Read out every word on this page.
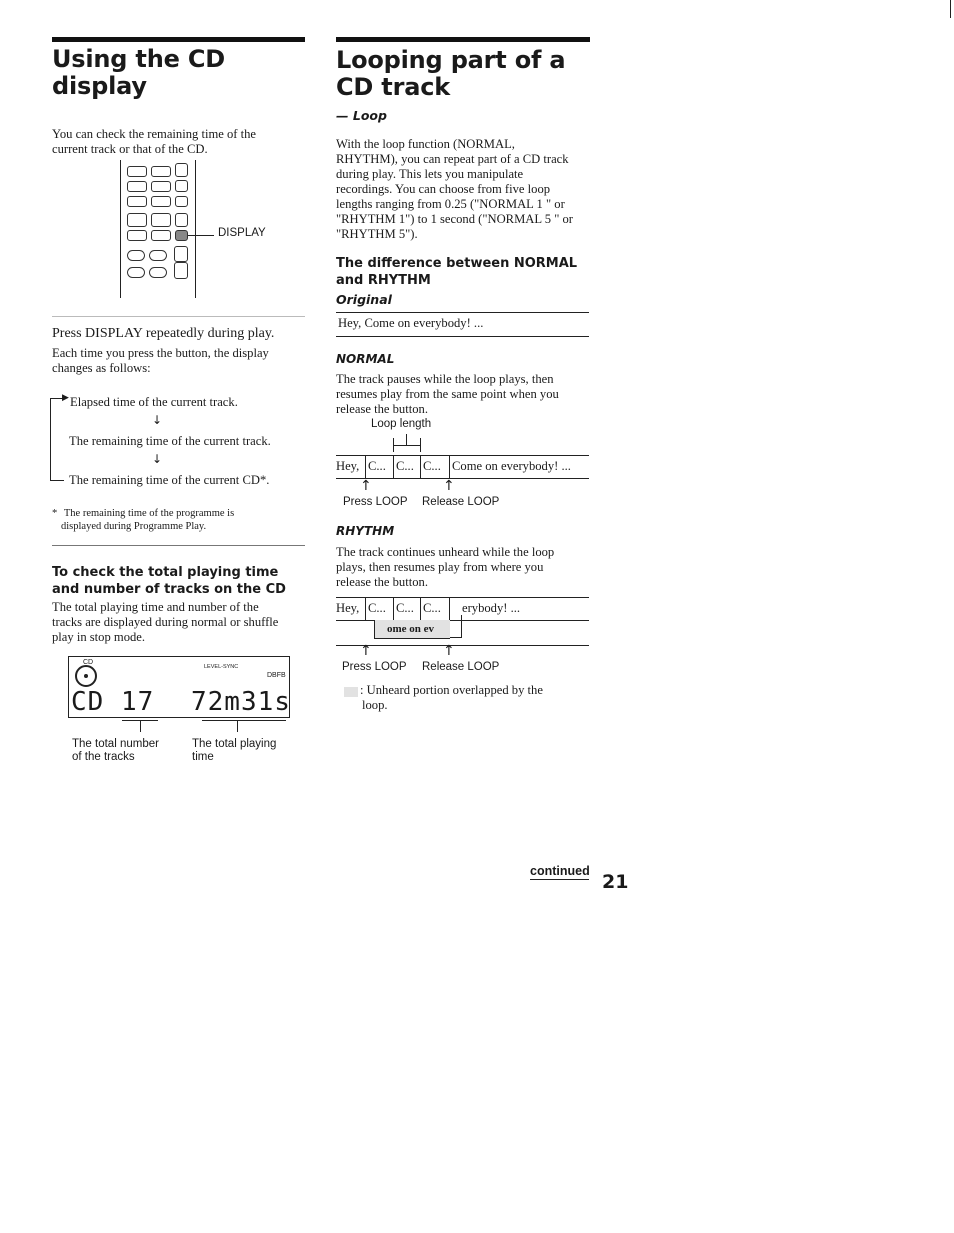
Using the CD
display
You can check the remaining time of the
current track or that of the CD.
DISPLAY
Press DISPLAY repeatedly during play.
Each time you press the button, the display
changes as follows:
▶ Elapsed time of the current track.
↓
The remaining time of the current track.
↓
The remaining time of the current CD*.
* The remaining time of the programme is
displayed during Programme Play.
To check the total playing time
and number of tracks on the CD
The total playing time and number of the
tracks are displayed during normal or shuffle
play in stop mode.
CD
LEVEL-SYNC
DBFB
CD 17 72m31s
The total number
of the tracks
The total playing
time
Looping part of a
CD track
— Loop
With the loop function (NORMAL,
RHYTHM), you can repeat part of a CD track
during play. This lets you manipulate
recordings. You can choose from five loop
lengths ranging from 0.25 ("NORMAL 1 " or
"RHYTHM 1") to 1 second ("NORMAL 5 " or
"RHYTHM 5").
The difference between NORMAL
and RHYTHM
Original
Hey, Come on everybody! ...
NORMAL
The track pauses while the loop plays, then
resumes play from the same point when you
release the button.
Loop length
Hey, C... C... C... Come on everybody! ...
↑	↑
Press LOOP Release LOOP
RHYTHM
The track continues unheard while the loop
plays, then resumes play from where you
release the button.
Hey, C... C... C... erybody! ...
ome on ev
↑	↑
Press LOOP Release LOOP
: Unheard portion overlapped by the
loop.
continued 21
